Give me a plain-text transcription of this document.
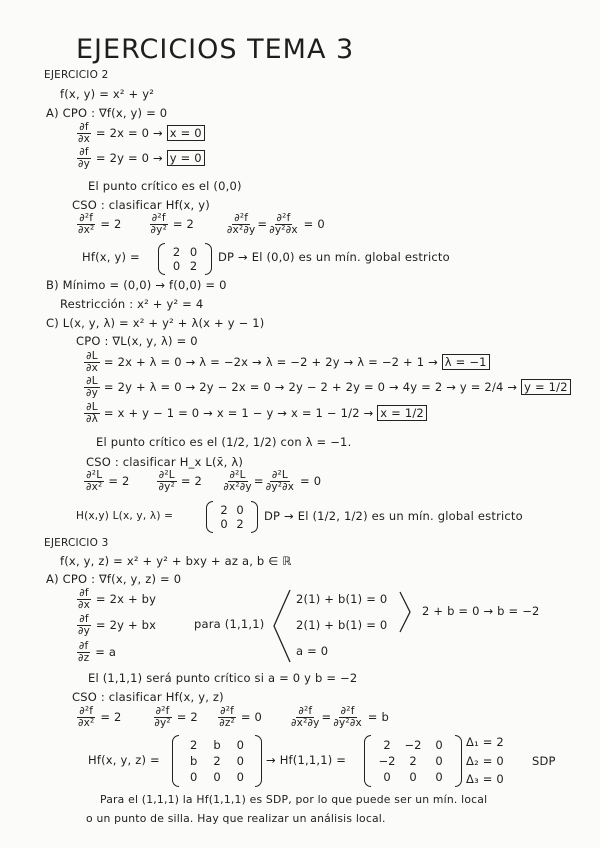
EJERCICIOS TEMA 3
EJERCICIO 2
f(x, y) = x² + y²
A) CPO : ∇f(x, y) = 0
$\frac{\partial f}{\partial x} = 2x = 0 \to x = 0$
$\frac{\partial f}{\partial y} = 2y = 0 \to y = 0$
El punto crítico es el (0,0)
CSO : clasificar Hf(x, y)
$\frac{\text{∂²f}}{\text{∂x²}} = 2$	$\frac{\text{∂²f}}{\text{∂y²}} = 2$	$\frac{\text{∂²f}}{\text{∂x²∂y}} = \frac{\text{∂²f}}{\text{∂y²∂x}} = 0$
Hf(x, y) =	2 0
0 2
DP → El (0,0) es un mín. global estricto
B) Mínimo = (0,0) → f(0,0) = 0
Restricción : x² + y² = 4
C) L(x, y, λ) = x² + y² + λ(x + y − 1)
CPO : ∇L(x, y, λ) = 0
$\frac{\partial L}{\partial x} = 2x + \lambda = 0 \to \lambda = -2x \to \lambda = -2 + 2y \to \lambda = -2 + 1 \to \lambda = -1$
$\frac{\partial L}{\partial y} = 2y + \lambda = 0 \to 2y - 2x = 0 \to 2y - 2 + 2y = 0 \to 4y = 2 \to y = 2/4 \to y = 1/2$
$\frac{\partial L}{\partial\lambda} = x + y - 1 = 0 \to x = 1 - y \to x = 1 - 1/2 \to x = 1/2$
El punto crítico es el (1/2, 1/2) con λ = −1.
CSO : clasificar H_x L(x̄, λ)
$\frac{\text{∂²L}}{\text{∂x²}} = 2$	$\frac{\text{∂²L}}{\text{∂y²}} = 2 \frac{\text{∂²L}}{\text{∂x²∂y}} = \frac{\text{∂²L}}{\text{∂y²∂x}} = 0$
H(x,y) L(x, y, λ) =	2 0
0 2
DP → El (1/2, 1/2) es un mín. global estricto
EJERCICIO 3
f(x, y, z) = x² + y² + bxy + az a, b ∈ ℝ
A) CPO : ∇f(x, y, z) = 0
$\frac{\partial f}{\partial x} = 2x$ + by
$\frac{\partial f}{\partial y} = 2y$ + bx
$\frac{\partial f}{\partial z} = a$
para (1,1,1)
2(1) + b(1) = 0
2(1) + b(1) = 0
a = 0
2 + b = 0 → b = −2
El (1,1,1) será punto crítico si a = 0 y b = −2
CSO : clasificar Hf(x, y, z)
$\frac{\text{∂²f}}{\text{∂x²}} = 2$	$\frac{\text{∂²f}}{\text{∂y²}} = 2 \frac{\text{∂²f}}{\text{∂z²}} = 0$	$\frac{\text{∂²f}}{\text{∂x²∂y}} = \frac{\text{∂²f}}{\text{∂y²∂x}} = b$
Hf(x, y, z) =
2 b 0
b 2 0
0 0 0
→ Hf(1,1,1) =
2 −2 0
−2 2 0
0 0 0
Δ₁ = 2
Δ₂ = 0
Δ₃ = 0
SDP
Para el (1,1,1) la Hf(1,1,1) es SDP, por lo que puede ser un mín. local
o un punto de silla. Hay que realizar un análisis local.
